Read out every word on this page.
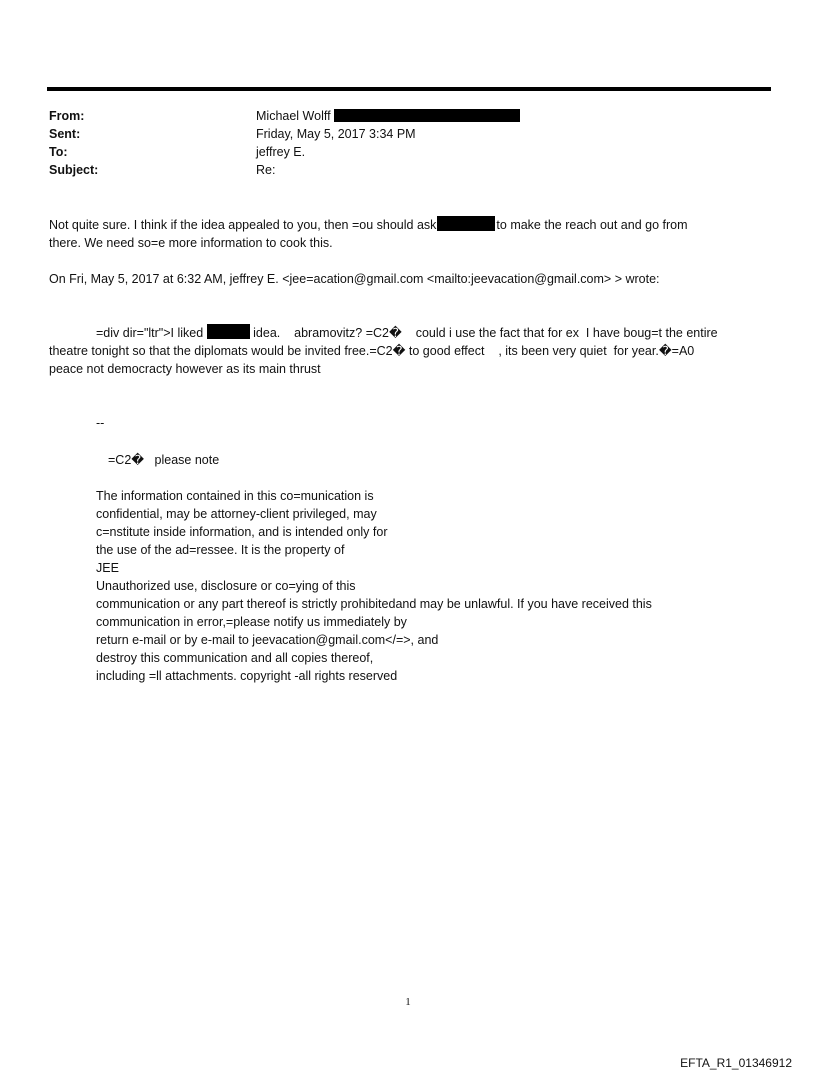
From:	Michael Wolff
Sent:	Friday, May 5, 2017 3:34 PM
To:	jeffrey E.
Subject:	Re:
Not quite sure. I think if the idea appealed to you, then =ou should ask	to make the reach out and go from
there. We need so=e more information to cook this.
On Fri, May 5, 2017 at 6:32 AM, jeffrey E. <jee=acation@gmail.com <mailto:jeevacation@gmail.com> > wrote:
=div dir="ltr">I liked	idea.    abramovitz? =C2�    could i use the fact that for ex  I have boug=t the entire
theatre tonight so that the diplomats would be invited free.=C2� to good effect    , its been very quiet  for year.�=A0
peace not democracty however as its main thrust
--
=C2�   please note
The information contained in this co=munication is
confidential, may be attorney-client privileged, may
c=nstitute inside information, and is intended only for
the use of the ad=ressee. It is the property of
JEE
Unauthorized use, disclosure or co=ying of this
communication or any part thereof is strictly prohibitedand may be unlawful. If you have received this
communication in error,=please notify us immediately by
return e-mail or by e-mail to jeevacation@gmail.com</=>, and
destroy this communication and all copies thereof,
including =ll attachments. copyright -all rights reserved
1
EFTA_R1_01346912
